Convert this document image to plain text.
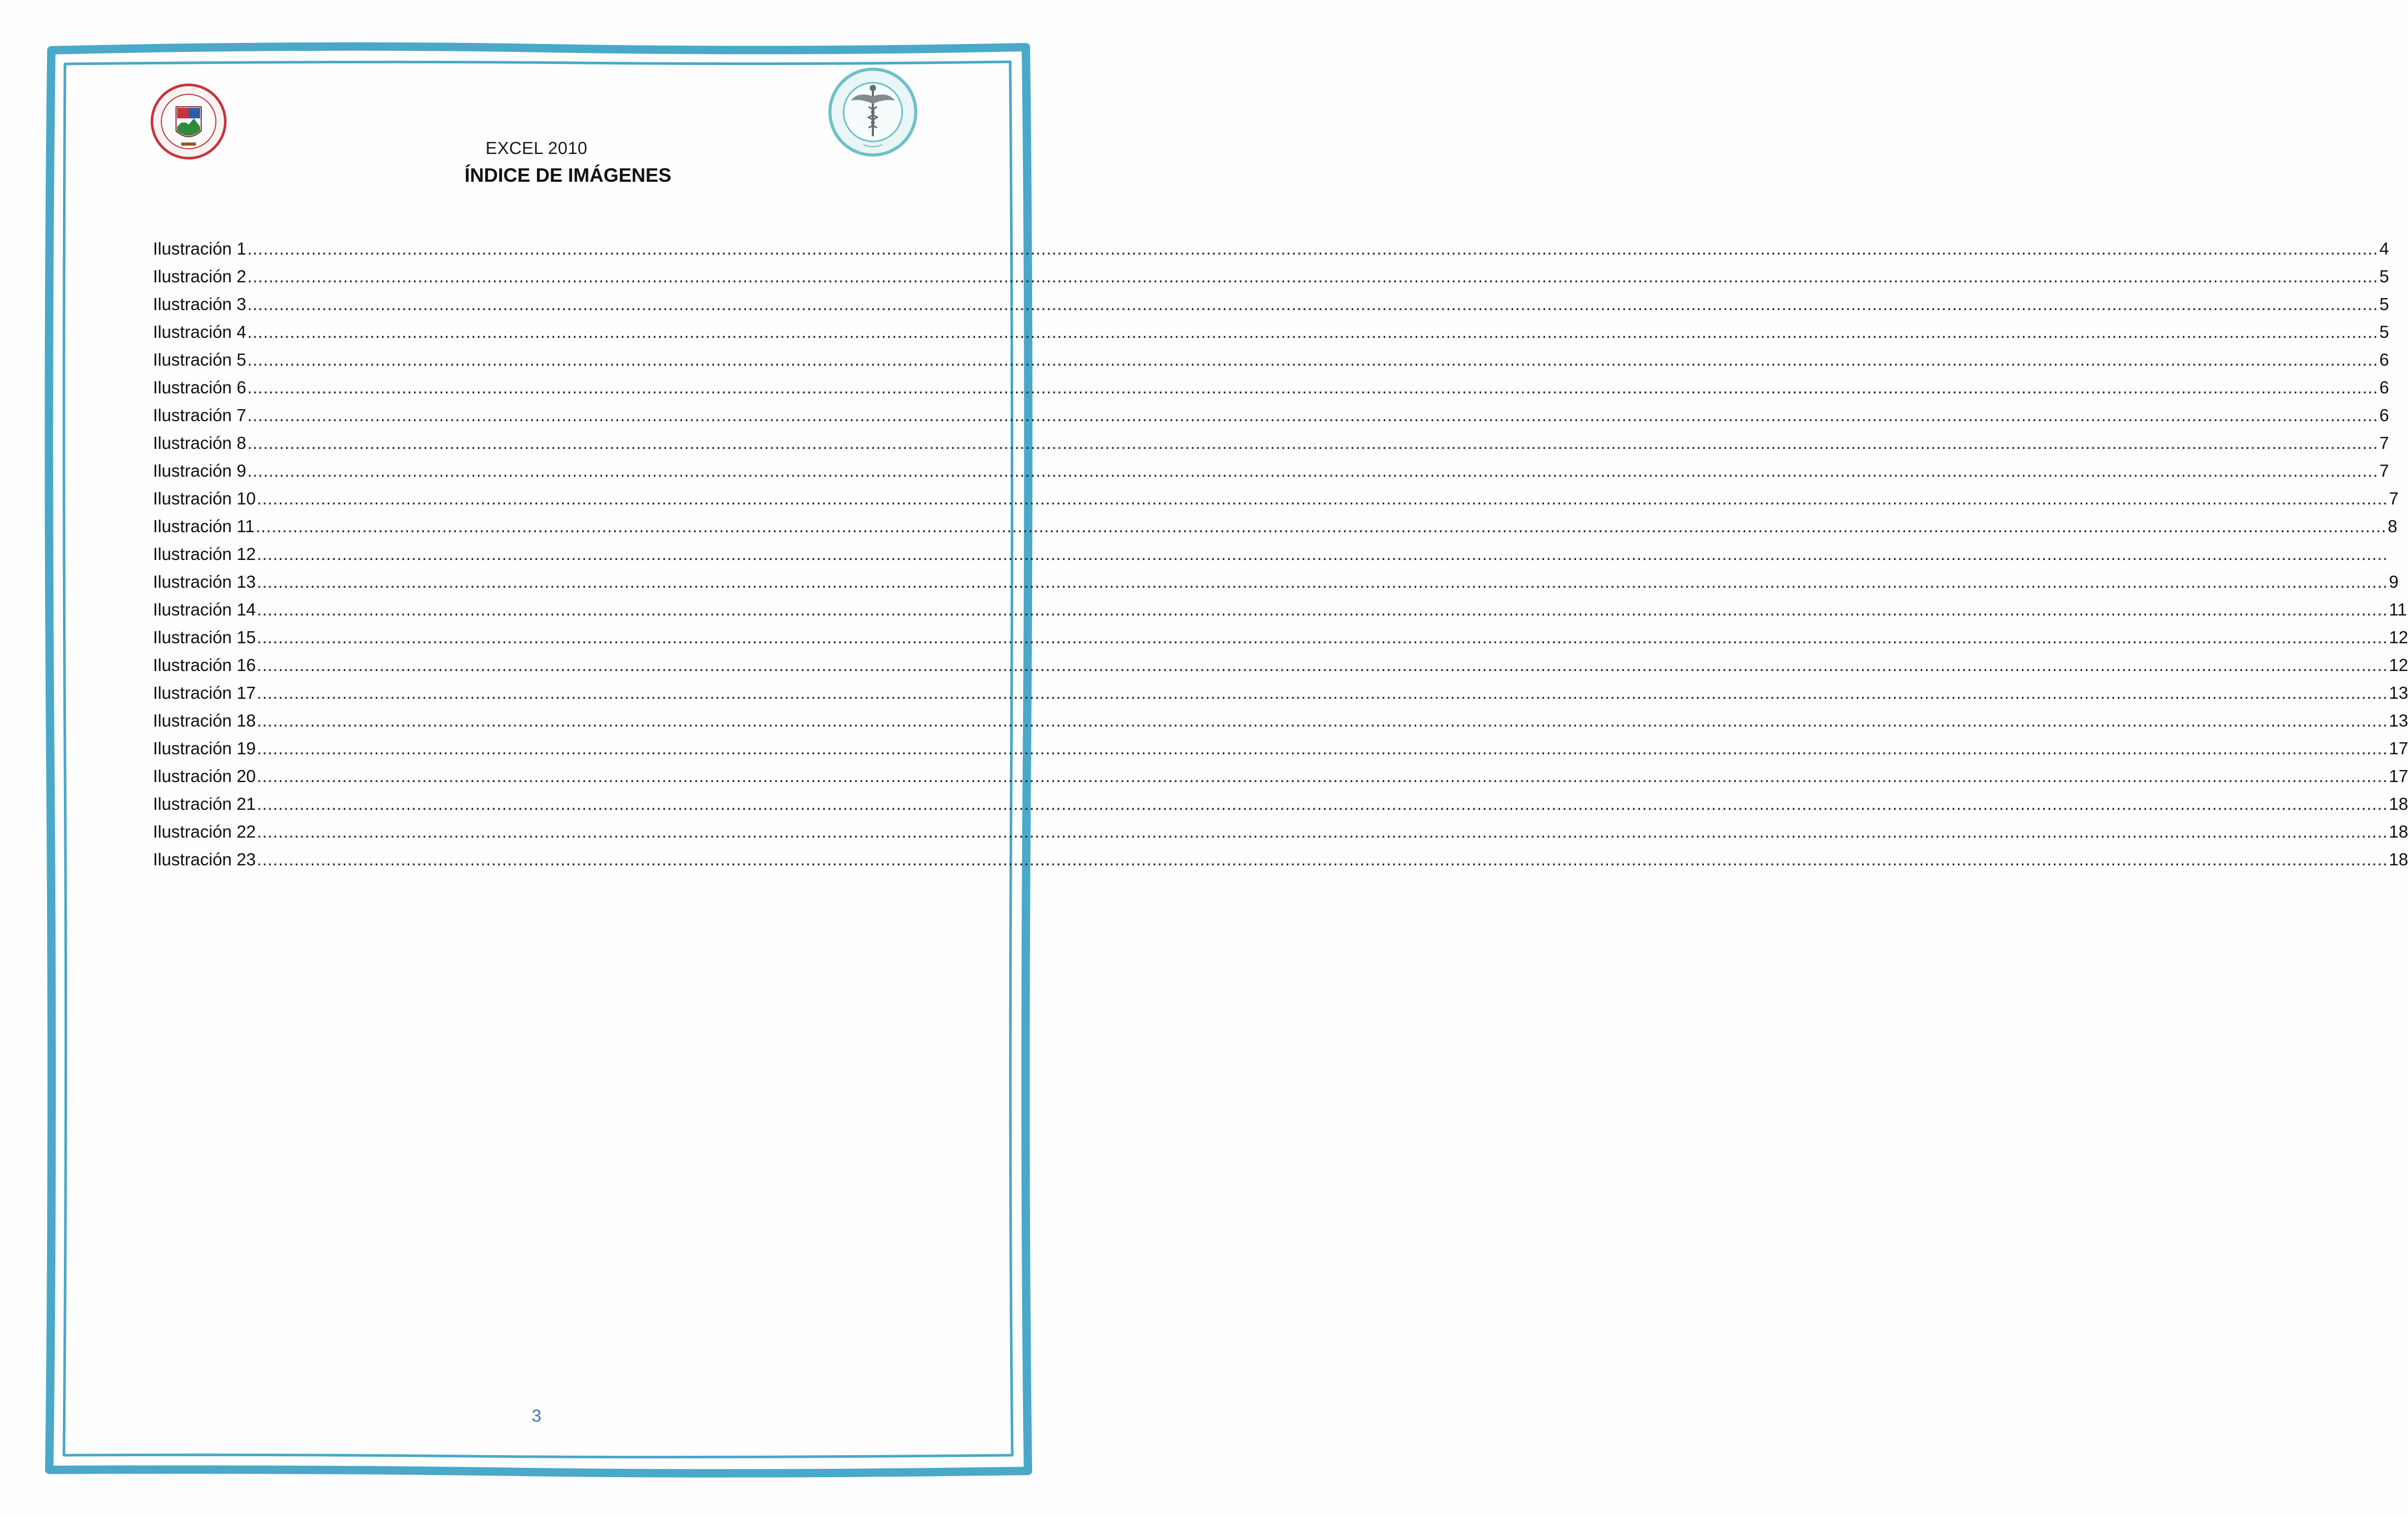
EXCEL 2010
ÍNDICE DE IMÁGENES
Ilustración 1 ................................................................................................................................................................................................................................................................................................................................................................................................................ 4
Ilustración 2 ................................................................................................................................................................................................................................................................................................................................................................................................................ 5
Ilustración 3 ................................................................................................................................................................................................................................................................................................................................................................................................................ 5
Ilustración 4 ................................................................................................................................................................................................................................................................................................................................................................................................................ 5
Ilustración 5 ................................................................................................................................................................................................................................................................................................................................................................................................................ 6
Ilustración 6 ................................................................................................................................................................................................................................................................................................................................................................................................................ 6
Ilustración 7 ................................................................................................................................................................................................................................................................................................................................................................................................................ 6
Ilustración 8 ................................................................................................................................................................................................................................................................................................................................................................................................................ 7
Ilustración 9 ................................................................................................................................................................................................................................................................................................................................................................................................................ 7
Ilustración 10 ................................................................................................................................................................................................................................................................................................................................................................................................................ 7
Ilustración 11 ................................................................................................................................................................................................................................................................................................................................................................................................................ 8
Ilustración 12 ................................................................................................................................................................................................................................................................................................................................................................................................................
Ilustración 13 ................................................................................................................................................................................................................................................................................................................................................................................................................ 9
Ilustración 14 ................................................................................................................................................................................................................................................................................................................................................................................................................ 11
Ilustración 15 ................................................................................................................................................................................................................................................................................................................................................................................................................ 12
Ilustración 16 ................................................................................................................................................................................................................................................................................................................................................................................................................ 12
Ilustración 17 ................................................................................................................................................................................................................................................................................................................................................................................................................ 13
Ilustración 18 ................................................................................................................................................................................................................................................................................................................................................................................................................ 13
Ilustración 19 ................................................................................................................................................................................................................................................................................................................................................................................................................ 17
Ilustración 20 ................................................................................................................................................................................................................................................................................................................................................................................................................ 17
Ilustración 21 ................................................................................................................................................................................................................................................................................................................................................................................................................ 18
Ilustración 22 ................................................................................................................................................................................................................................................................................................................................................................................................................ 18
Ilustración 23 ................................................................................................................................................................................................................................................................................................................................................................................................................ 18
3
